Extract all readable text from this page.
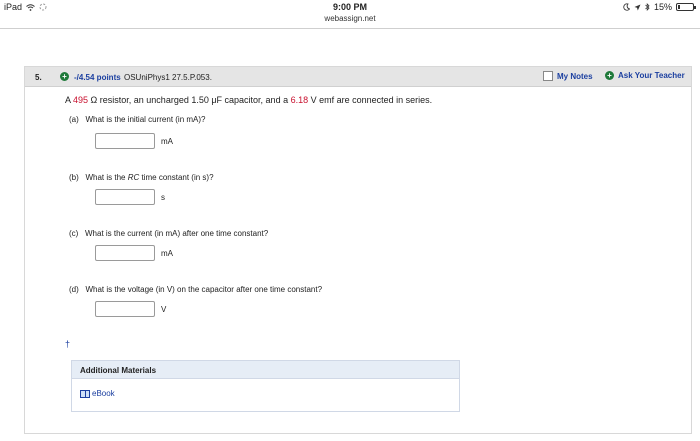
iPad	9:00 PM	15%
webassign.net
5.	+ -/4.54 points OSUniPhys1 27.5.P.053.	My Notes + Ask Your Teacher
A 495 Ω resistor, an uncharged 1.50 μF capacitor, and a 6.18 V emf are connected in series.
(a) What is the initial current (in mA)?
mA
(b) What is the RC time constant (in s)?
s
(c) What is the current (in mA) after one time constant?
mA
(d) What is the voltage (in V) on the capacitor after one time constant?
V
†
Additional Materials
eBook
